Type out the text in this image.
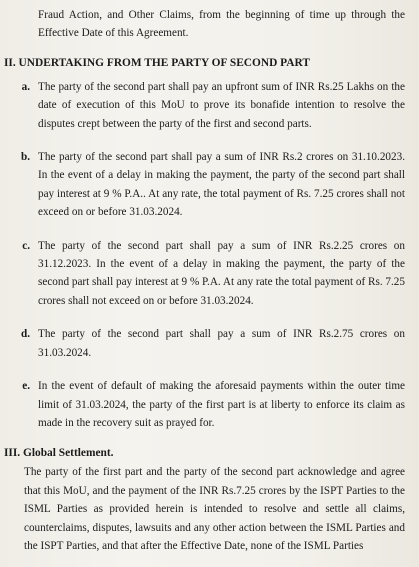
Fraud Action, and Other Claims, from the beginning of time up through the Effective Date of this Agreement.

II. UNDERTAKING FROM THE PARTY OF SECOND PART
a. The party of the second part shall pay an upfront sum of INR Rs.25 Lakhs on the date of execution of this MoU to prove its bonafide intention to resolve the disputes crept between the party of the first and second parts.

b. The party of the second part shall pay a sum of INR Rs.2 crores on 31.10.2023. In the event of a delay in making the payment, the party of the second part shall pay interest at 9 % P.A.. At any rate, the total payment of Rs. 7.25 crores shall not exceed on or before 31.03.2024.

c. The party of the second part shall pay a sum of INR Rs.2.25 crores on 31.12.2023. In the event of a delay in making the payment, the party of the second part shall pay interest at 9 % P.A. At any rate the total payment of Rs. 7.25 crores shall not exceed on or before 31.03.2024.

d. The party of the second part shall pay a sum of INR Rs.2.75 crores on 31.03.2024.

e. In the event of default of making the aforesaid payments within the outer time limit of 31.03.2024, the party of the first part is at liberty to enforce its claim as made in the recovery suit as prayed for.

III. Global Settlement.

The party of the first part and the party of the second part acknowledge and agree that this MoU, and the payment of the INR Rs.7.25 crores by the ISPT Parties to the ISML Parties as provided herein is intended to resolve and settle all claims, counterclaims, disputes, lawsuits and any other action between the ISML Parties and the ISPT Parties, and that after the Effective Date, none of the ISML Parties
